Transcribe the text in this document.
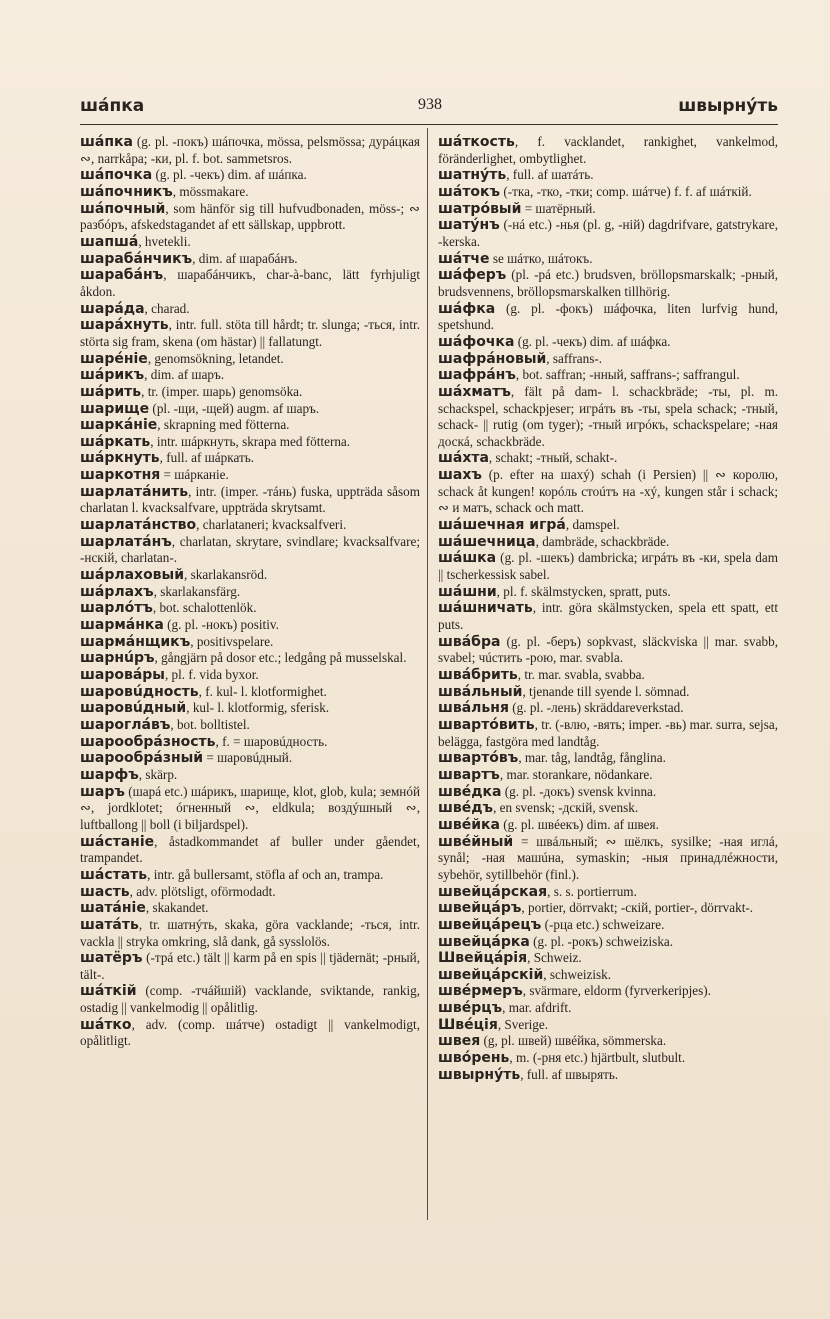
шáпка	938	швырнýть

шáпка (g. pl. -покъ) шáпочка, mössa, pelsmössa; дурáцкая ∾, narrkåpa; -ки, pl. f. bot. sammetsros.

шáпочка (g. pl. -чекъ) dim. af шáпка.

шáпочникъ, mössmakare.

шáпочный, som hänför sig till hufvudbonaden, möss-; ∾ разбóръ, afskedstagandet af ett sällskap, uppbrott.

шапшá, hvetekli.

шарабáнчикъ, dim. af шарабáнъ.

шарабáнъ, шарабáнчикъ, char-à-banc, lätt fyrhjuligt åkdon.

шарáда, charad.

шарáхнуть, intr. full. stöta till hårdt; tr. slunga; -ться, intr. störta sig fram, skena (om hästar) || fallatungt.

шарéніе, genomsökning, letandet.

шáрикъ, dim. af шаръ.

шáрить, tr. (imper. шарь) genomsöka.

шарище (pl. -щи, -щей) augm. af шаръ.

шаркáніе, skrapning med fötterna.

шáркать, intr. шáркнуть, skrapa med fötterna.

шáркнуть, full. af шáркать.

шаркотня = шáрканіе.

шарлатáнить, intr. (imper. -тáнь) fuska, uppträda såsom charlatan l. kvacksalfvare, uppträda skrytsamt.

шарлатáнство, charlataneri; kvacksalfveri.

шарлатáнъ, charlatan, skrytare, svindlare; kvacksalfvare; -нскій, charlatan-.

шáрлаховый, skarlakansröd.

шáрлахъ, skarlakansfärg.

шарлóтъ, bot. schalottenlök.

шармáнка (g. pl. -нокъ) positiv.

шармáнщикъ, positivspelare.

шарнúръ, gångjärn på dosor etc.; ledgång på musselskal.

шаровáры, pl. f. vida byxor.

шаровúдность, f. kul- l. klotformighet.

шаровúдный, kul- l. klotformig, sferisk.

шароглáвъ, bot. bolltistel.

шарообрáзность, f. = шаровúдность.

шарообрáзный = шаровúдный.

шарфъ, skärp.

шаръ (шарá etc.) шáрикъ, шарище, klot, glob, kula; земнóй ∾, jordklotet; óгненный ∾, eldkula; воздýшный ∾, luftballong || boll (i biljardspel).

шáстаніе, åstadkommandet af buller under gåendet, trampandet.

шáстать, intr. gå bullersamt, stöfla af och an, trampa.

шасть, adv. plötsligt, oförmodadt.

шатáніе, skakandet.

шатáть, tr. шатнýть, skaka, göra vacklande; -ться, intr. vackla || stryka omkring, slå dank, gå sysslolös.

шатёръ (-трá etc.) tält || karm på en spis || tjädernät; -рный, tält-.

шáткій (comp. -тчáйшій) vacklande, sviktande, rankig, ostadig || vankelmodig || opålitlig.

шáтко, adv. (comp. шáтче) ostadigt || vankelmodigt, opålitligt.

шáткость, f. vacklandet, rankighet, vankelmod, föränderlighet, ombytlighet.

шатнýть, full. af шатáть.

шáтокъ (-тка, -тко, -тки; comp. шáтче) f. f. af шáткій.

шатрóвый = шатёрный.

шатýнъ (-нá etc.) -нья (pl. g, -ній) dagdrifvare, gatstrykare, -kerska.

шáтче se шáтко, шáтокъ.

шáферъ (pl. -рá etc.) brudsven, bröllopsmarskalk; -рный, brudsvennens, bröllopsmarskalken tillhörig.

шáфка (g. pl. -фокъ) шáфочка, liten lurfvig hund, spetshund.

шáфочка (g. pl. -чекъ) dim. af шáфка.

шафрáновый, saffrans-.

шафрáнъ, bot. saffran; -нный, saffrans-; saffrangul.

шáхматъ, fält på dam- l. schackbräde; -ты, pl. m. schackspel, schackpjeser; игрáть въ -ты, spela schack; -тный, schack- || rutig (om tyger); -тный игрóкъ, schackspelare; -ная доскá, schackbräde.

шáхта, schakt; -тный, schakt-.

шахъ (p. efter на шахý) schah (i Persien) || ∾ королю, schack åt kungen! корóль стоúтъ на -хý, kungen står i schack; ∾ и матъ, schack och matt.

шáшечная игрá, damspel.

шáшечница, dambräde, schackbräde.

шáшка (g. pl. -шекъ) dambricka; игрáть въ -ки, spela dam || tscherkessisk sabel.

шáшни, pl. f. skälmstycken, spratt, puts.

шáшничать, intr. göra skälmstycken, spela ett spatt, ett puts.

швáбра (g. pl. -беръ) sopkvast, släckviska || mar. svabb, svabel; чúстить -рою, mar. svabla.

швáбрить, tr. mar. svabla, svabba.

швáльный, tjenande till syende l. sömnad.

швáльня (g. pl. -лень) skräddareverkstad.

швартóвить, tr. (-влю, -вять; imper. -вь) mar. surra, sejsa, belägga, fastgöra med landtåg.

швартóвъ, mar. tåg, landtåg, fånglina.

швартъ, mar. storankare, nödankare.

швéдка (g. pl. -докъ) svensk kvinna.

швéдъ, en svensk; -дскій, svensk.

швéйка (g. pl. швéекъ) dim. af швея.

швéйный = швáльный; ∾ шёлкъ, sysilke; -ная иглá, synål; -ная машúна, symaskin; -ныя принадлéжности, sybehör, sytillbehör (finl.).

швейцáрская, s. s. portierrum.

швейцáръ, portier, dörrvakt; -скій, portier-, dörrvakt-.

швейцáрецъ (-рца etc.) schweizare.

швейцáрка (g. pl. -рокъ) schweiziska.

Швейцáрія, Schweiz.

швейцáрскій, schweizisk.

швéрмеръ, svärmare, eldorm (fyrverkeripjes).

швéрцъ, mar. afdrift.

Швéція, Sverige.

швея (g, pl. швей) швéйка, sömmerska.

швóрень, m. (-рня etc.) hjärtbult, slutbult.

швырнýть, full. af швырять.
